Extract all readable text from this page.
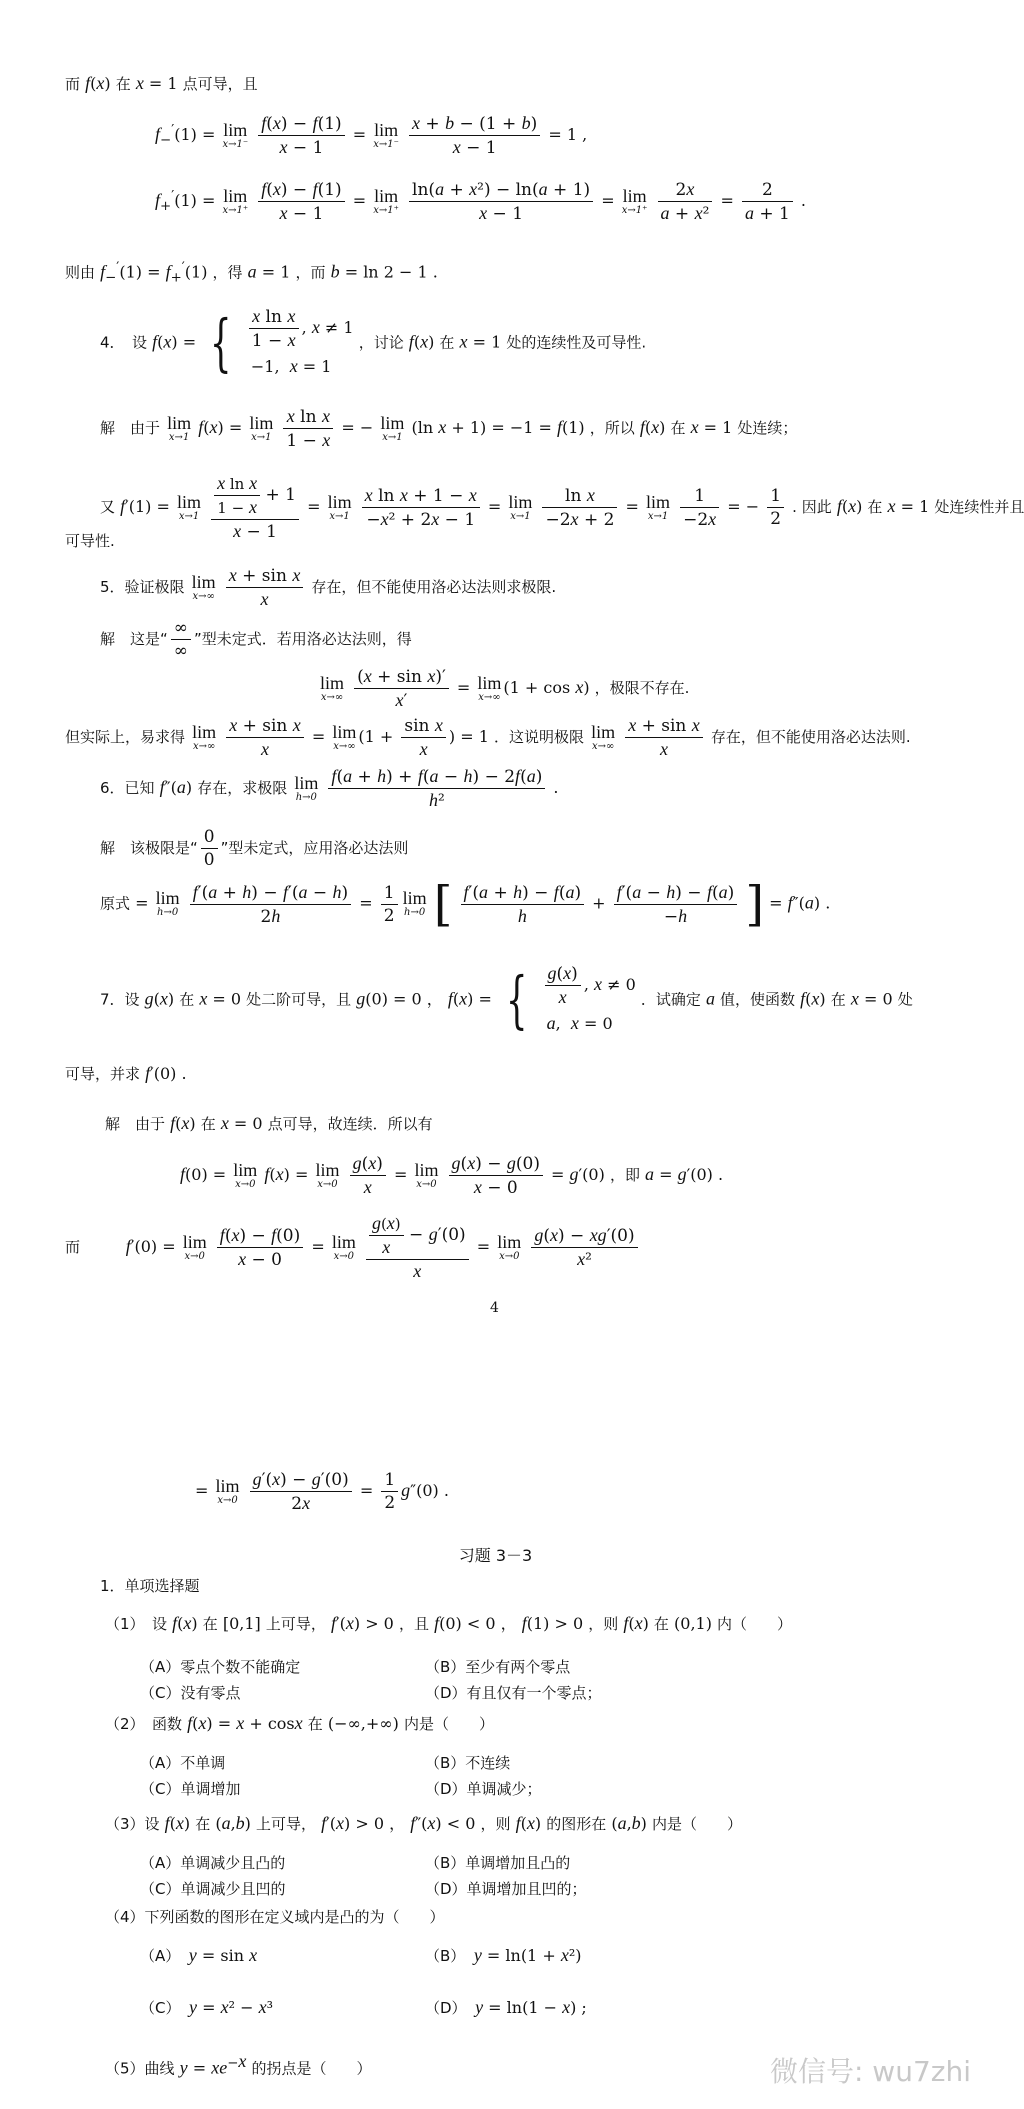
而 f(x) 在 x = 1 点可导，且
$f_-'(1) = \lim$
x→1⁻
$\frac{f(x) - f(1)}{x - 1} = \lim$
x→1⁻
$\frac{x + b - (1 + b)}{x - 1} = 1$ ,
$f_+'(1) = \lim$
x→1⁺
$\frac{f(x) - f(1)}{x - 1} = \lim$
x→1⁺
$\frac{\text{ln(a + x²) − ln(a + 1)}}{x - 1} = \lim$
x→1⁺
$\frac{2x}{\text{a + x²}} = \frac{2}{a + 1}$ .
则由 $f_-'(1) = f_+'(1)$ ，得 a = 1 ，而 b = ln 2 − 1 .
4．　设 f(x) = { $\frac{\text{x ln x}}{1 - x}$ , x ≠ 1
−1,  x = 1
，讨论 f(x) 在 x = 1 处的连续性及可导性.
解　由于 lim
x→1 f(x) = lim
x→1
$\frac{\text{x ln x}}{1 - x}$ = − lim
x→1 (ln x + 1) = −1 = f(1) ，所以 f(x) 在 x = 1 处连续；
又 f′(1) = lim
x→1
$\frac{\frac{\text{x ln x}}{1 - x} + 1}{x - 1} = \lim$
x→1
$\frac{\text{x ln x + 1 − x}}{\text{−x² + 2x − 1}} = \lim$
x→1
$\frac{\text{ln x}}{-2x + 2} = \lim$
x→1
$\frac{1}{-2x}$ = − $\frac{1}{2}$ . 因此 f(x) 在 x = 1 处连续性并且
可导性.
5．验证极限 lim
x→∞
$\frac{\text{x + sin x}}{x}$ 存在，但不能使用洛必达法则求极限.
解　这是“ $\frac{\infty}{\infty}$ ”型未定式．若用洛必达法则，得
lim
x→∞
$\frac{\text{(x + sin x)′}}{x'} = \lim$
x→∞ (1 + cos x) ，极限不存在.
但实际上，易求得 lim
x→∞
$\frac{\text{x + sin x}}{x} = \lim$
x→∞ ($1 + \frac{\text{sin x}}{x}$ ) = 1 ．这说明极限 lim
x→∞
$\frac{\text{x + sin x}}{x}$ 存在，但不能使用洛必达法则.
6．已知 f″(a) 存在，求极限 lim
h→0
$\frac{f(a + h) + f(a - h) - 2f(a)}{\text{h²}}$ .
解　该极限是“ $\frac{0}{0}$ ”型未定式，应用洛必达法则
原式 = lim
h→0
$\frac{f'(a + h) - f'(a - h)}{2h} = \frac{1}{2}$ lim
h→0 [ $\frac{f'(a + h) - f(a)}{h} + \frac{f'(a - h) - f(a)}{-h}$ ] = f″(a) .
7．设 g(x) 在 x = 0 处二阶可导，且 g(0) = 0 ， f(x) = { $\frac{g(x)}{x}$ , x ≠ 0
a,  x = 0
．试确定 a 值，使函数 f(x) 在 x = 0 处
可导，并求 f′(0) .
解　由于 f(x) 在 x = 0 点可导，故连续．所以有
f(0) = lim
x→0 f(x) = lim
x→0
$\frac{g(x)}{x} = \lim$
x→0
$\frac{g(x) - g(0)}{x - 0} = g'(0)$ ，即 a = g′(0) .
而	f′(0) = lim
x→0
$\frac{f(x) - f(0)}{x - 0} = \lim$
x→0
$\frac{\frac{g(x)}{x} - g'(0)}{x} = \lim$
x→0
$\frac{g(x) - xg'(0)}{\text{x²}}$
4
= lim
x→0
$\frac{g'(x) - g'(0)}{2x} = \frac{1}{2} g''(0)$ .
习题 3－3
1．单项选择题
（1）　设 f(x) 在 [0,1] 上可导， f′(x) > 0 ，且 f(0) < 0 ， f(1) > 0 ，则 f(x) 在 (0,1) 内（　　）
（A）零点个数不能确定	（B）至少有两个零点
（C）没有零点	（D）有且仅有一个零点；
（2）　函数 f(x) = x + cosx 在 (−∞,+∞) 内是（　　）
（A）不单调	（B）不连续
（C）单调增加	（D）单调减少；
（3）设 f(x) 在 (a,b) 上可导， f′(x) > 0 ， f″(x) < 0 ，则 f(x) 的图形在 (a,b) 内是（　　）
（A）单调减少且凸的	（B）单调增加且凸的
（C）单调减少且凹的	（D）单调增加且凹的；
（4）下列函数的图形在定义域内是凸的为（　　）
（A）　 y = sin x	（B）　 y = ln(1 + x²)
（C）　 y = x² − x³	（D）　 y = ln(1 − x) ;
（5）曲线 $y = xe^{-x}$ 的拐点是（　　）	微信号: wu7zhi
